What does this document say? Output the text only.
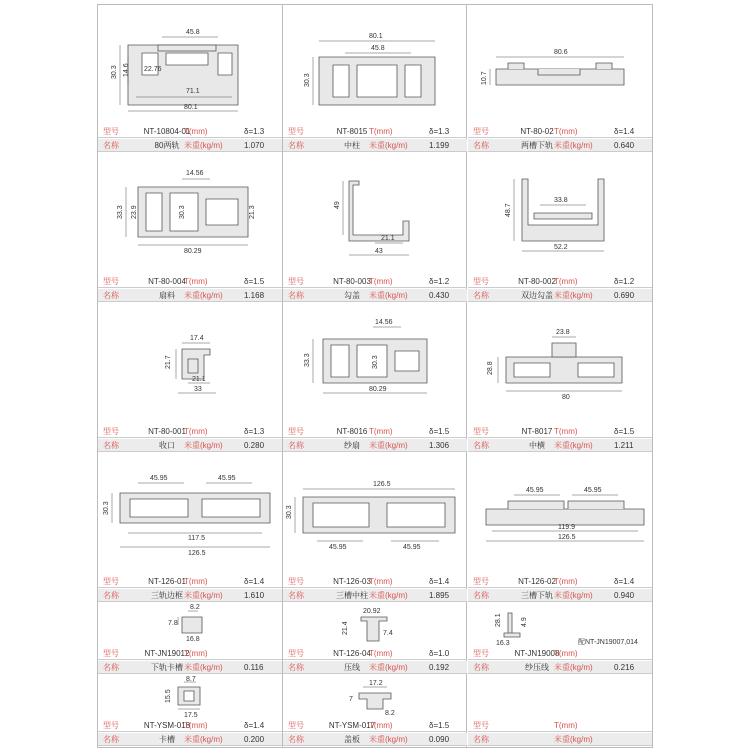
45.8
30.3 14.6 22.76
71.1
80.1
型号	NT-10804-01
T(mm)	δ=1.3
名称	80两轨 米重(kg/m)	1.070
80.1
45.8
30.3
型号	NT-8015 T(mm)	δ=1.3
名称	中柱	米重(kg/m)	1.199
80.6
10.7
型号	NT-80-02 T(mm)	δ=1.4
名称	两槽下轨 米重(kg/m)	0.640
14.56
33.3 23.9	30.3	21.3
80.29
型号	NT-80-004
T(mm)	δ=1.5
名称	扇料	米重(kg/m)	1.168
49
21.1
43
型号	NT-80-003
T(mm)	δ=1.2
名称	勾盖	米重(kg/m)	0.430
48.7
33.8
52.2
型号	NT-80-002
T(mm)	δ=1.2
名称	双边勾盖 米重(kg/m)	0.690
17.4
21.7
21.1
33
型号	NT-80-001
T(mm)	δ=1.3
名称	收口	米重(kg/m)	0.280
14.56
33.3	30.3
80.29
型号	NT-8016 T(mm)	δ=1.5
名称	纱扇	米重(kg/m)	1.306
23.8
28.8
80
型号	NT-8017 T(mm)	δ=1.5
名称	中横	米重(kg/m)	1.211
45.95	45.95
30.3
117.5
126.5
型号	NT-126-01
T(mm)	δ=1.4
名称	三轨边框 米重(kg/m)	1.610
126.5
30.3
45.95	45.95
型号	NT-126-03
T(mm)	δ=1.4
名称	三槽中柱 米重(kg/m)	1.895
45.95	45.95
119.9
126.5
型号	NT-126-02
T(mm)	δ=1.4
名称	三槽下轨 米重(kg/m)	0.940
8.2
7.8
16.8
型号	NT-JN19012
T(mm)
名称	下轨卡槽 米重(kg/m)	0.116
20.92
21.4	7.4
型号	NT-126-04
T(mm)	δ=1.0
名称	压线	米重(kg/m)	0.192
28.1	4.9
16.3	配NT-JN19007,014
型号	NT-JN19008
T(mm)
名称	纱压线 米重(kg/m)	0.216
8.7
15.5
17.5
型号	NT-YSM-018
T(mm)	δ=1.4
名称	卡槽	米重(kg/m)	0.200
17.2
7
8.2
型号	NT-YSM-017
T(mm)	δ=1.5
名称	盖板	米重(kg/m)	0.090
型号	T(mm)
名称	米重(kg/m)
